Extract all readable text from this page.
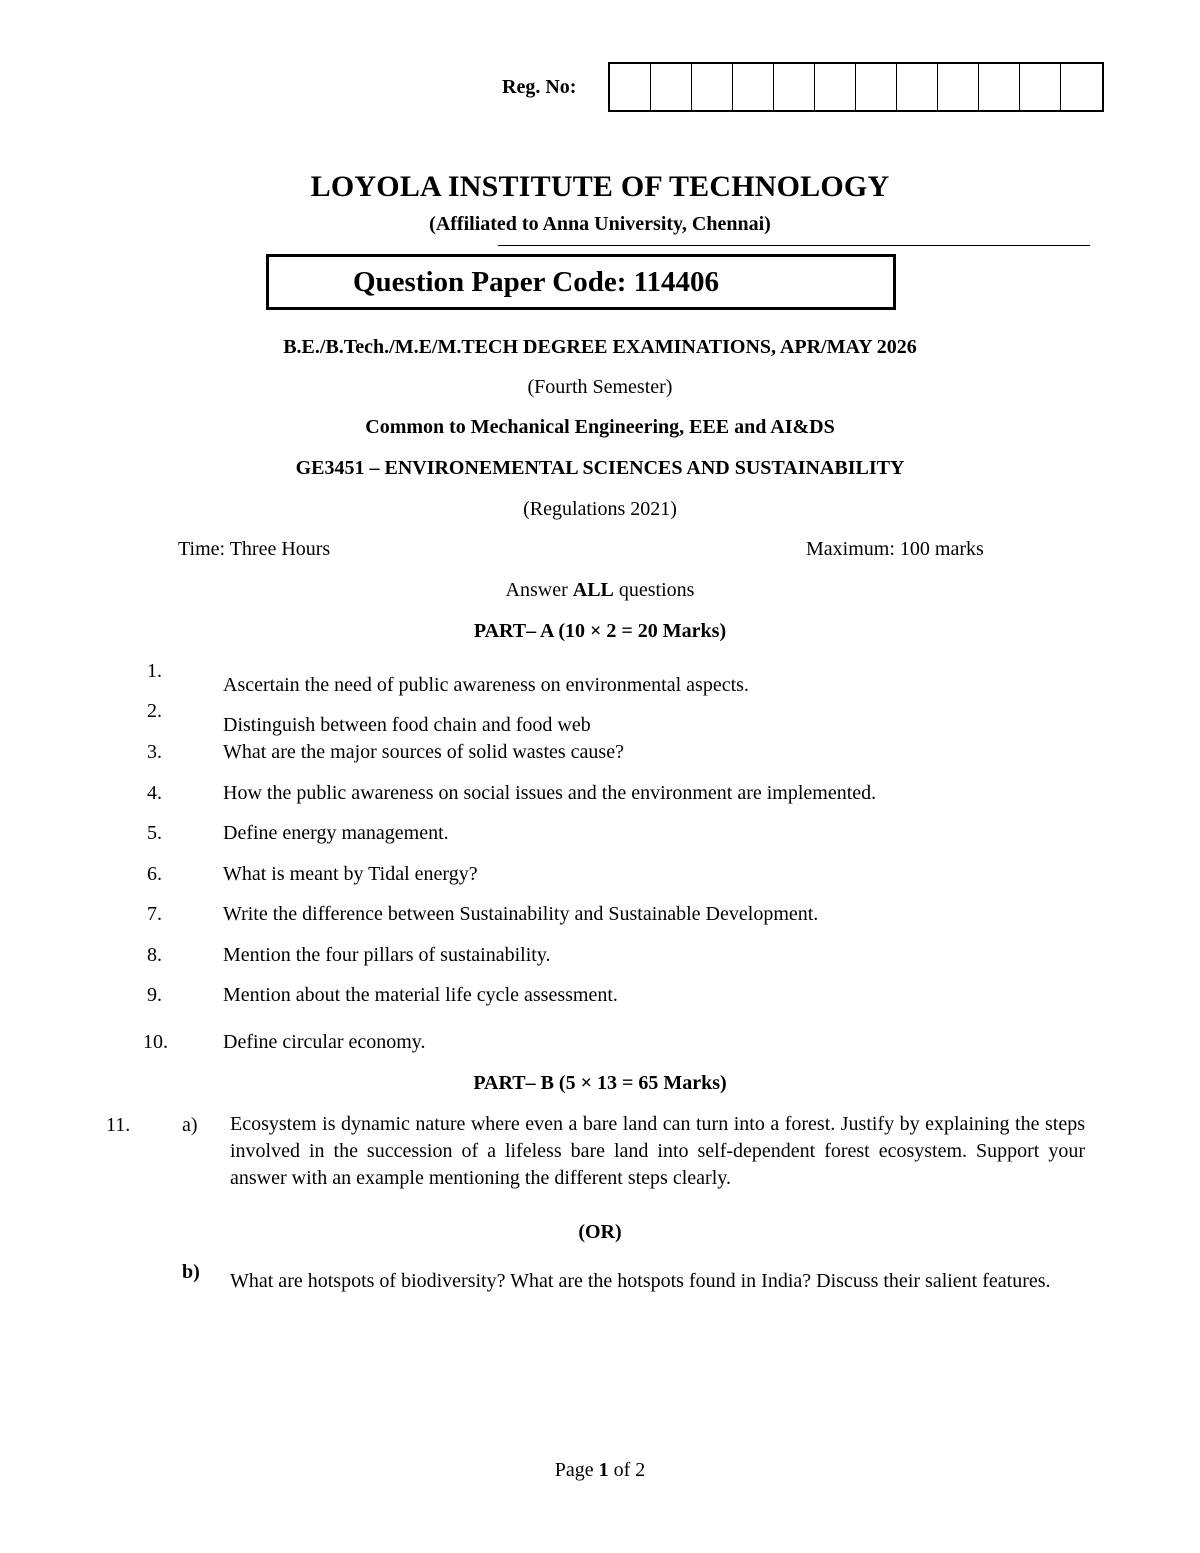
Reg. No:
LOYOLA INSTITUTE OF TECHNOLOGY
(Affiliated to Anna University, Chennai)
Question Paper Code: 114406
B.E./B.Tech./M.E/M.TECH DEGREE EXAMINATIONS, APR/MAY 2026
(Fourth Semester)
Common to Mechanical Engineering, EEE and AI&DS
GE3451 – ENVIRONEMENTAL SCIENCES AND SUSTAINABILITY
(Regulations 2021)
Time: Three Hours	Maximum: 100 marks
Answer ALL questions
PART– A (10 × 2 = 20 Marks)
1.
Ascertain the need of public awareness on environmental aspects.
2.
Distinguish between food chain and food web
3.	What are the major sources of solid wastes cause?
4.	How the public awareness on social issues and the environment are implemented.
5.	Define energy management.
6.	What is meant by Tidal energy?
7.	Write the difference between Sustainability and Sustainable Development.
8.	Mention the four pillars of sustainability.
9.	Mention about the material life cycle assessment.
10.	Define circular economy.
PART– B (5 × 13 = 65 Marks)
11.	a) Ecosystem is dynamic nature where even a bare land can turn into a forest. Justify by explaining the steps involved in the succession of a lifeless bare land into self-dependent forest ecosystem. Support your answer with an example mentioning the different steps clearly.
(OR)
b) What are hotspots of biodiversity? What are the hotspots found in India? Discuss their salient features.
Page 1 of 2
